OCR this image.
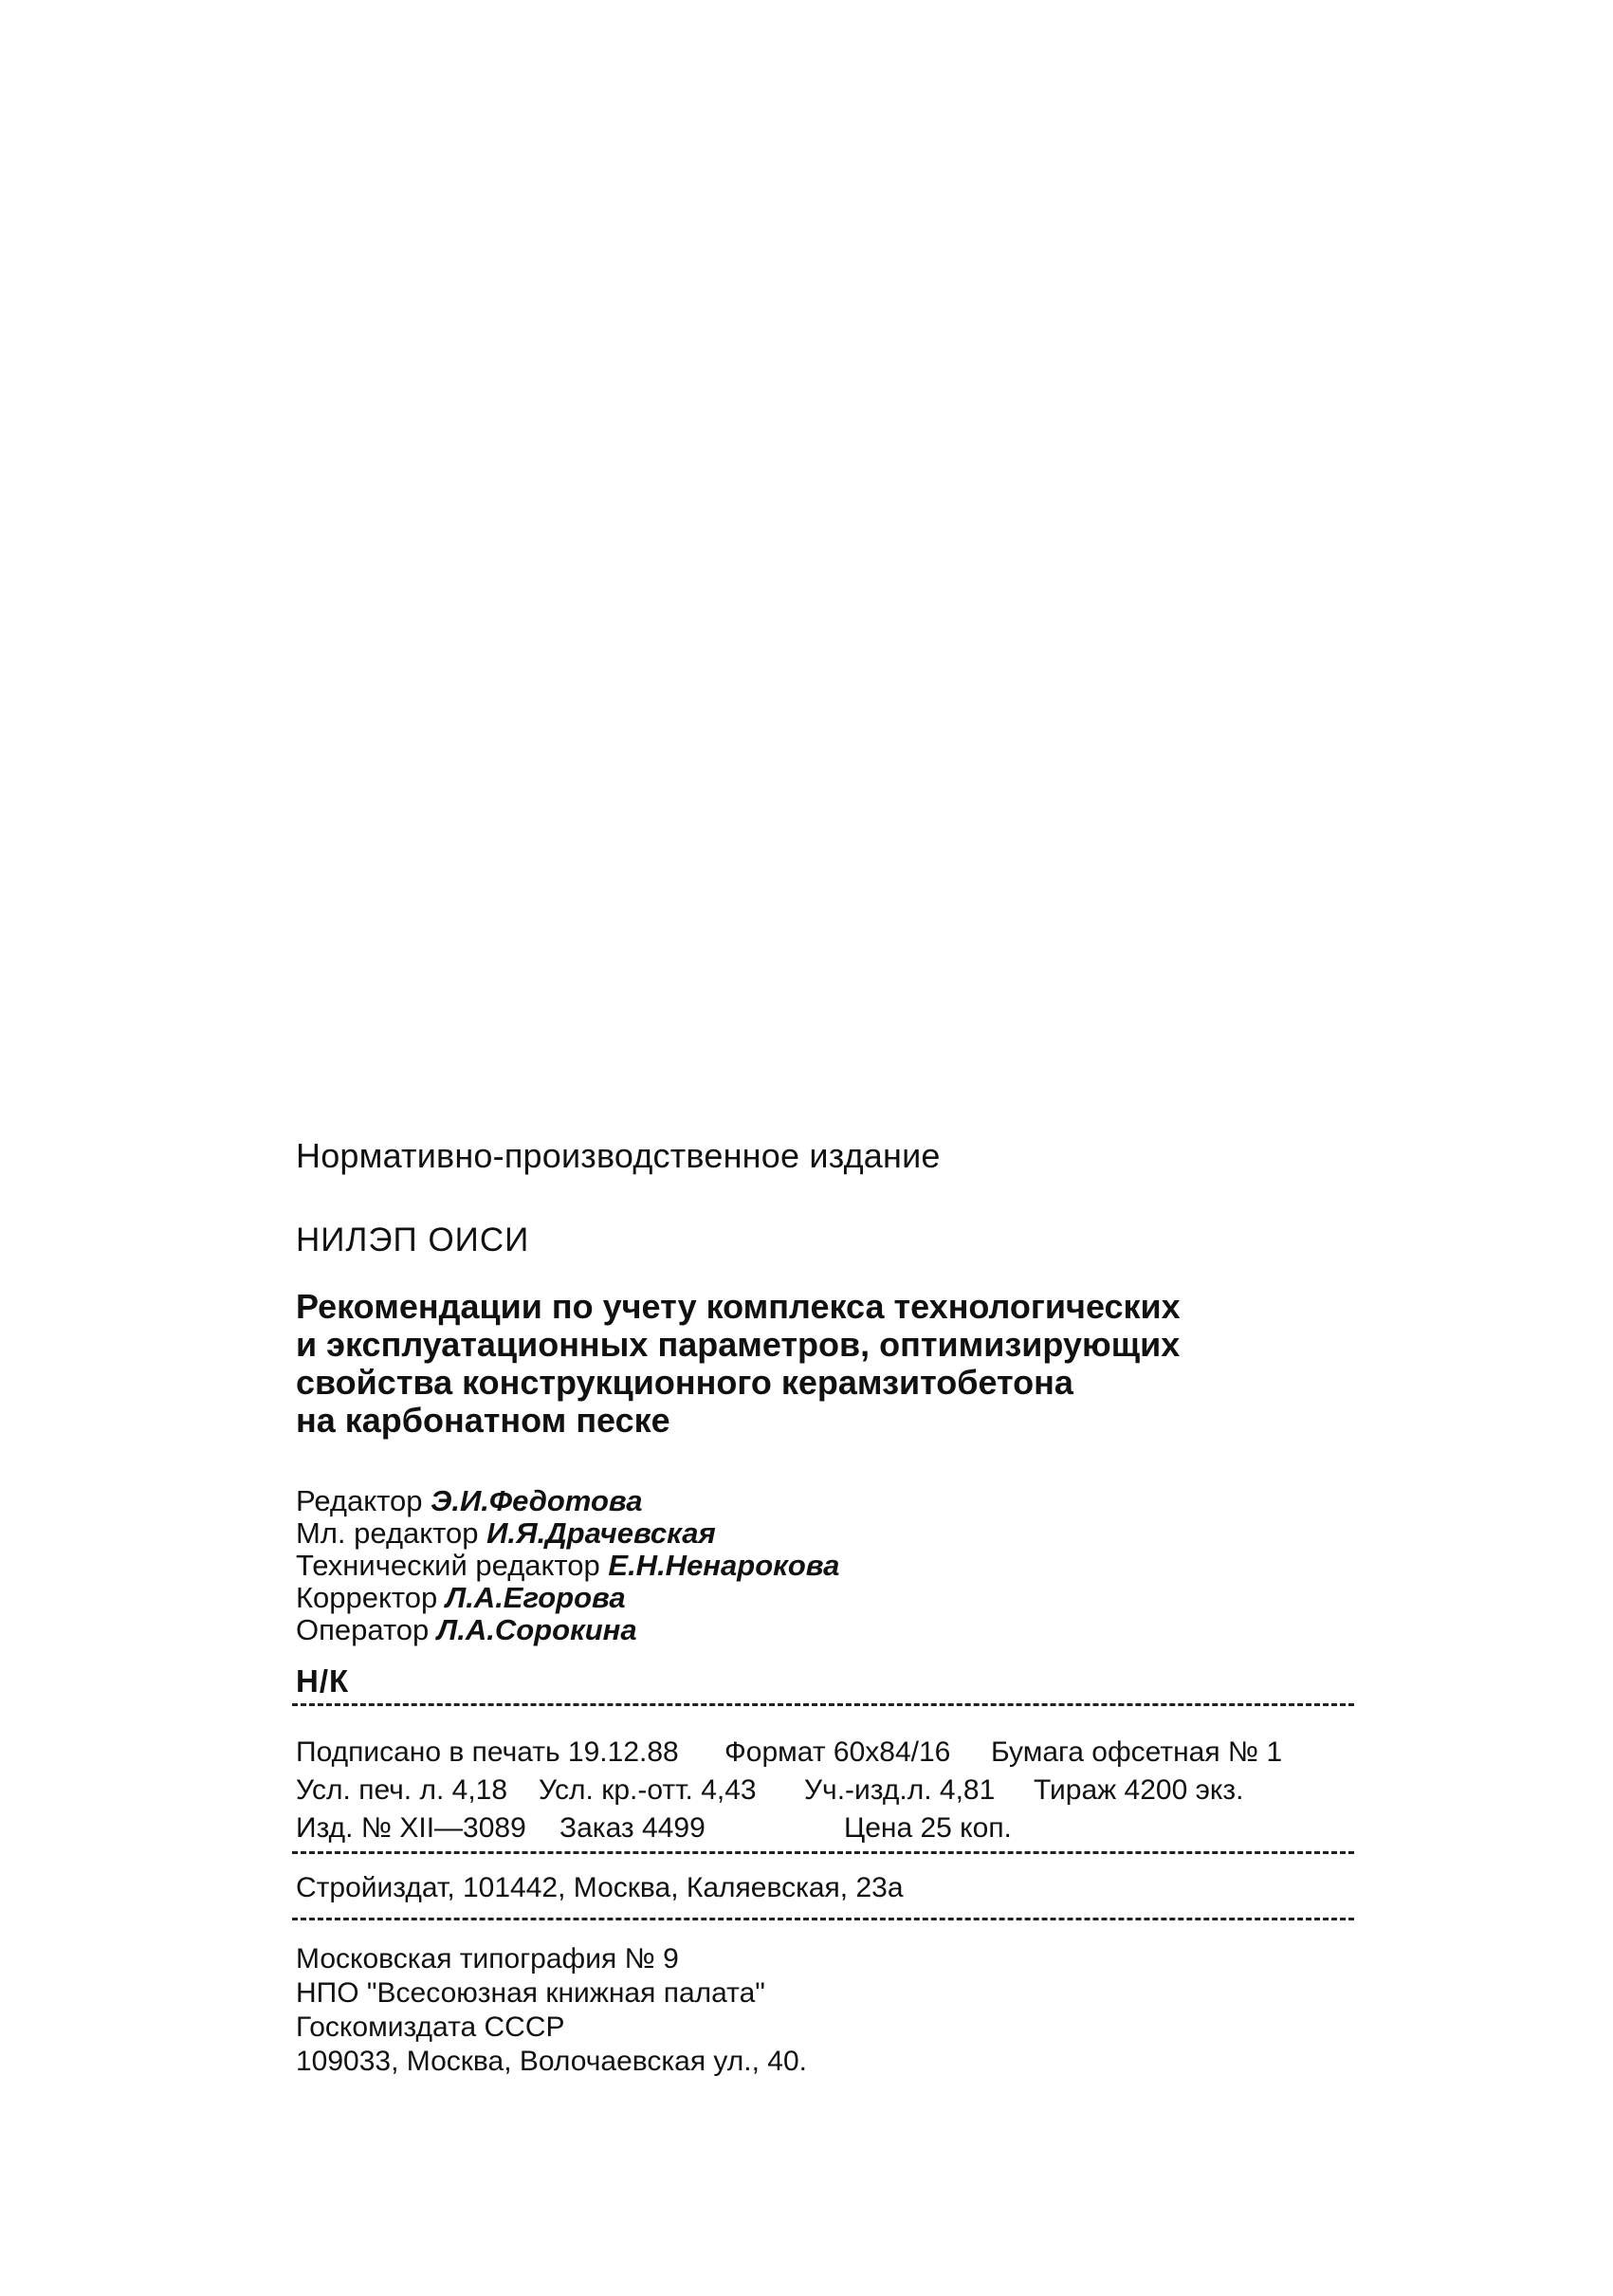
Нормативно-производственное издание
НИЛЭП ОИСИ
Рекомендации по учету комплекса технологических
и эксплуатационных параметров, оптимизирующих
свойства конструкционного керамзитобетона
на карбонатном песке
Редактор Э.И.Федотова
Мл. редактор И.Я.Драчевская
Технический редактор Е.Н.Ненарокова
Корректор Л.А.Егорова
Оператор Л.А.Сорокина
Н/К
Подписано в печать 19.12.88 Формат 60х84/16 Бумага офсетная № 1
Усл. печ. л. 4,18 Усл. кр.-отт. 4,43 Уч.-изд.л. 4,81 Тираж 4200 экз.
Изд. № XII—3089 Заказ 4499	Цена 25 коп.
Стройиздат, 101442, Москва, Каляевская, 23а
Московская типография № 9
НПО "Всесоюзная книжная палата"
Госкомиздата СССР
109033, Москва, Волочаевская ул., 40.
